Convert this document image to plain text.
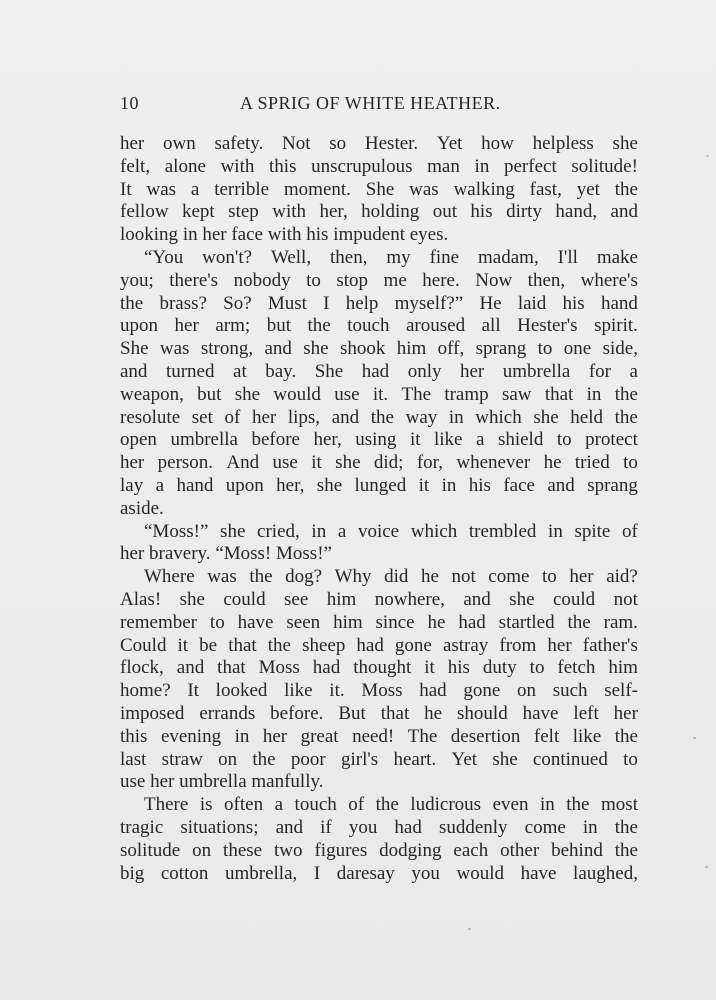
10	A SPRIG OF WHITE HEATHER.
her own safety. Not so Hester. Yet how helpless she
felt, alone with this unscrupulous man in perfect solitude!
It was a terrible moment. She was walking fast, yet the
fellow kept step with her, holding out his dirty hand, and
looking
in
her
face
with
his
impudent
eyes.
“You won't? Well, then, my fine madam, I'll make
you; there's nobody to stop me here. Now then, where's
the brass? So? Must I help myself?” He laid his hand
upon her arm; but the touch aroused all Hester's spirit.
She was strong, and she shook him off, sprang to one side,
and turned at bay. She had only her umbrella for a
weapon, but she would use it. The tramp saw that in the
resolute set of her lips, and the way in which she held the
open umbrella before her, using it like a shield to protect
her person. And use it she did; for, whenever he tried to
lay a hand upon her, she lunged it in his face and sprang
aside.
“Moss!” she cried, in a voice which trembled in spite of
her
bravery.
“Moss!
Moss!”
Where was the dog? Why did he not come to her aid?
Alas! she could see him nowhere, and she could not
remember to have seen him since he had startled the ram.
Could it be that the sheep had gone astray from her father's
flock, and that Moss had thought it his duty to fetch him
home? It looked like it. Moss had gone on such self-
imposed errands before. But that he should have left her
this evening in her great need! The desertion felt like the
last straw on the poor girl's heart. Yet she continued to
use
her
umbrella
manfully.
There is often a touch of the ludicrous even in the most
tragic situations; and if you had suddenly come in the
solitude on these two figures dodging each other behind the
big cotton umbrella, I daresay you would have laughed,
